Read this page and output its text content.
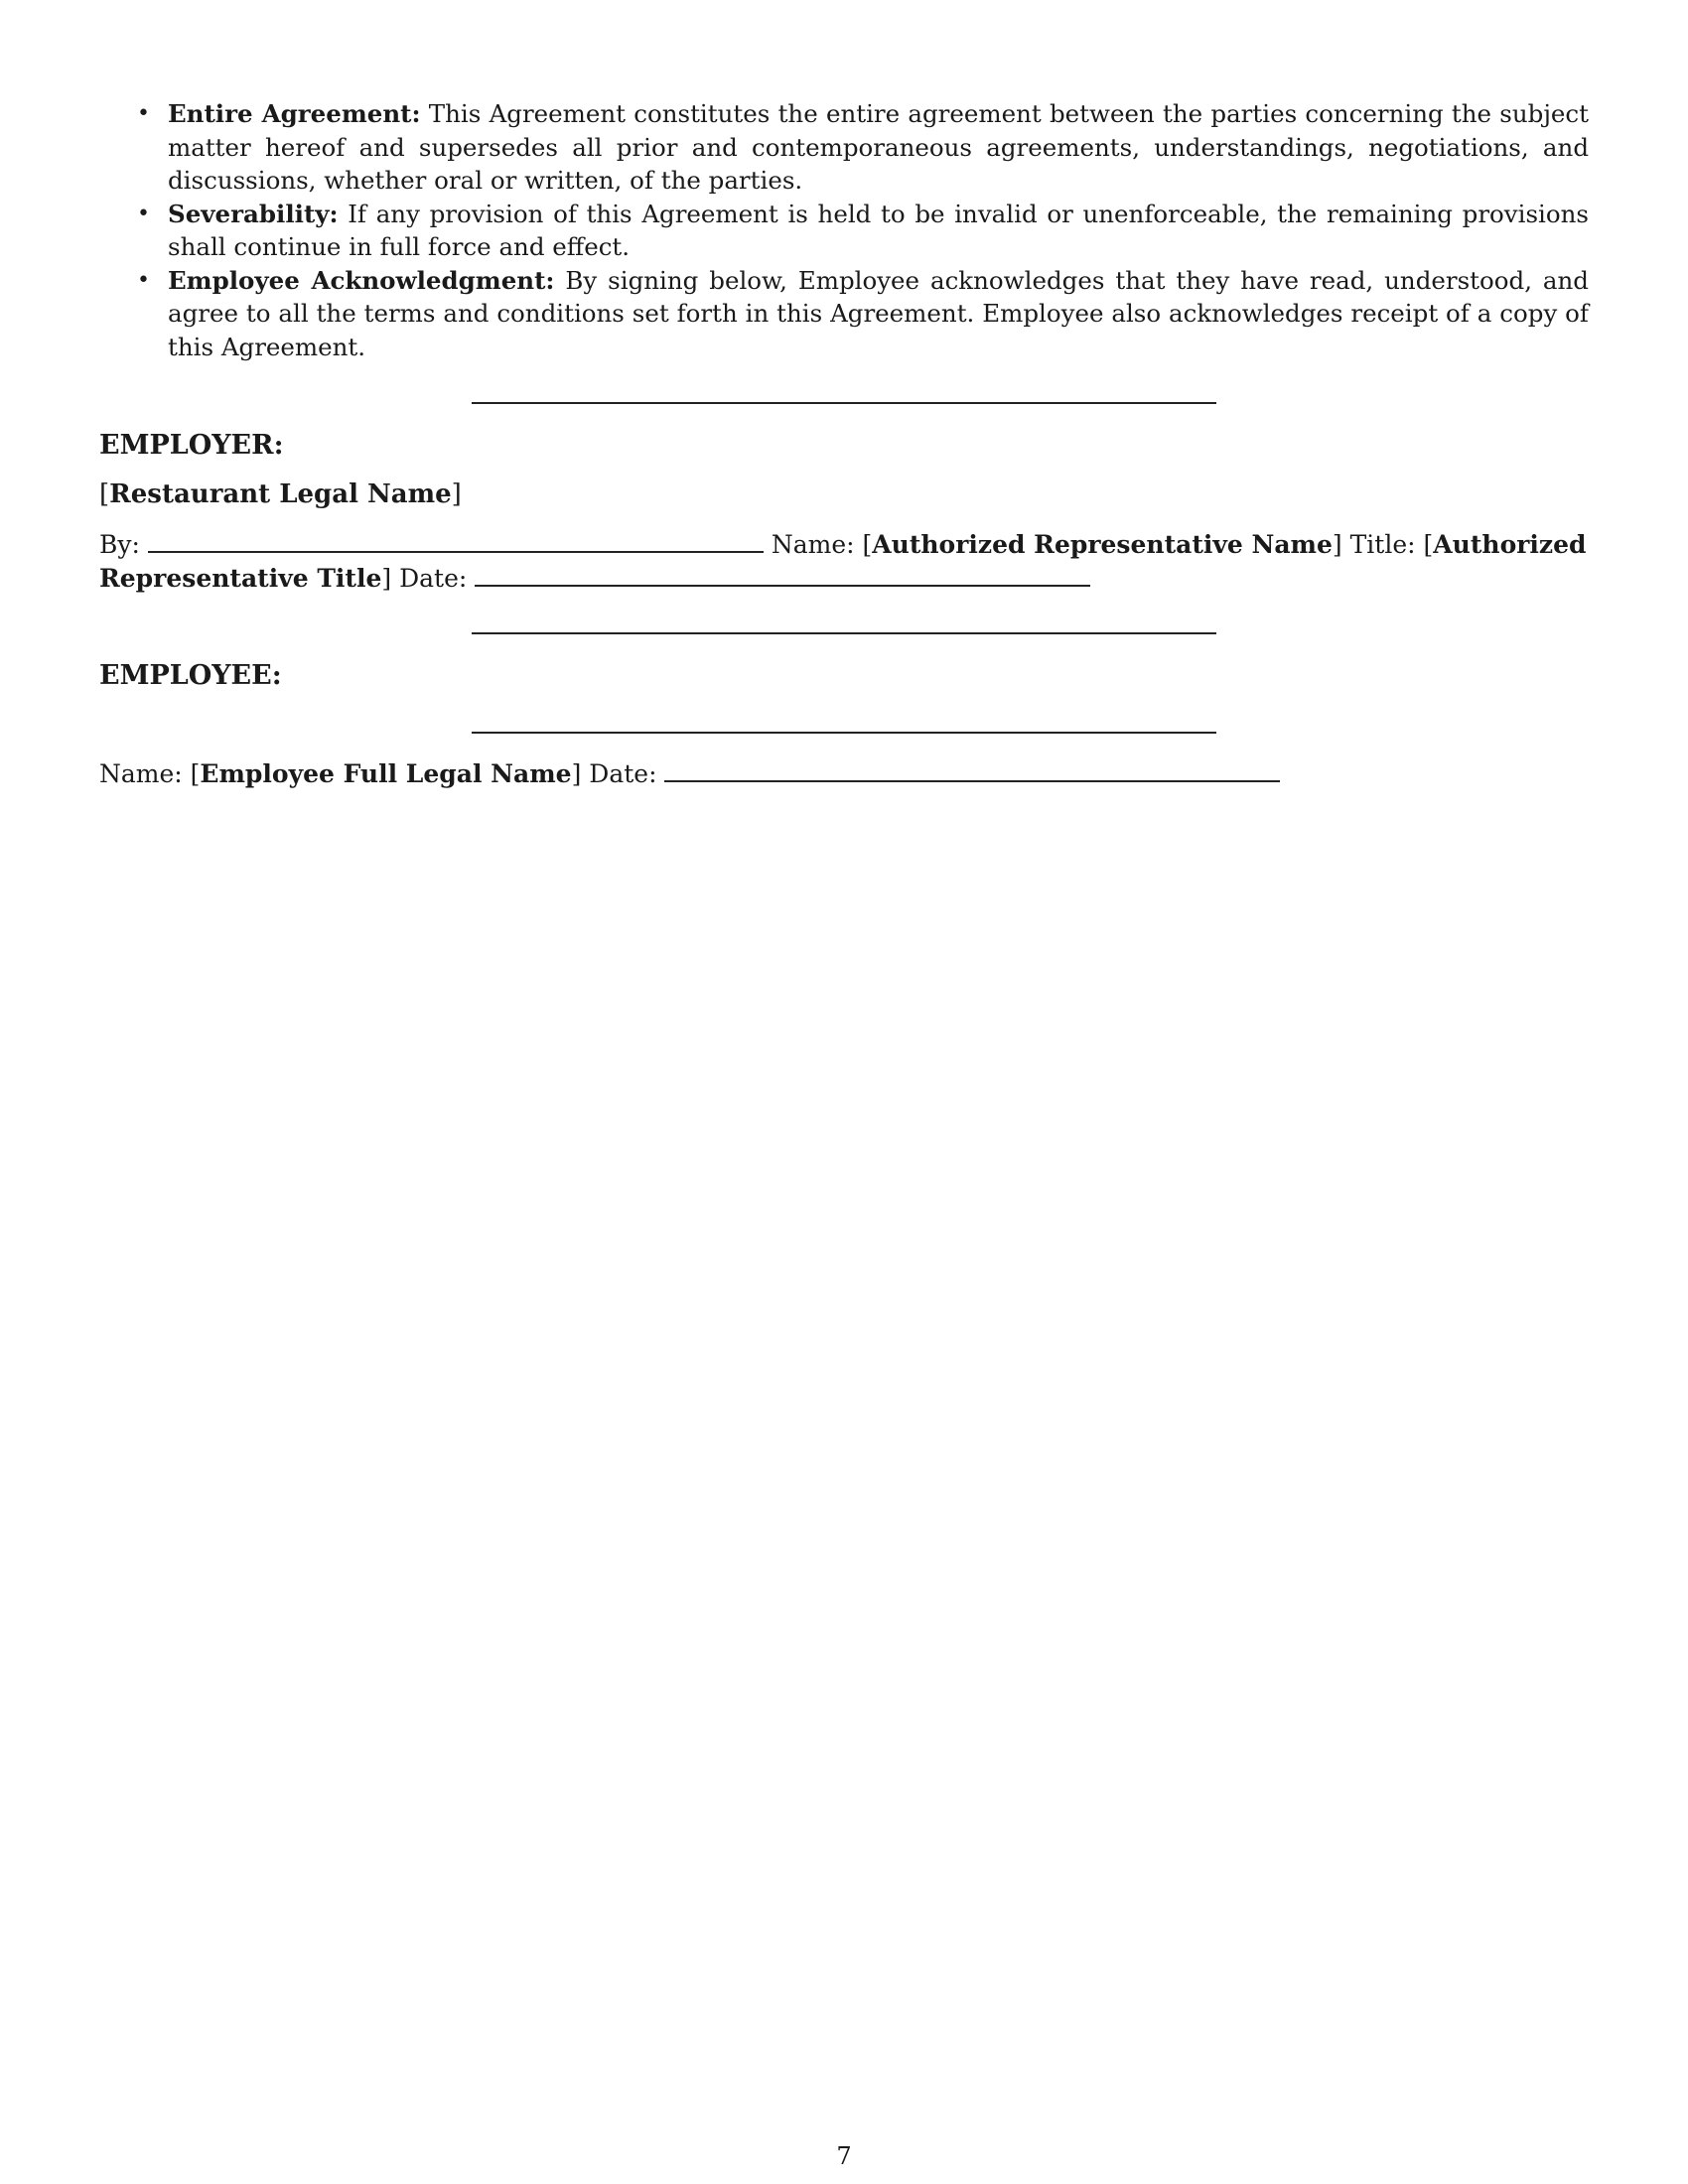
• Entire Agreement: This Agreement constitutes the entire agreement between the parties concerning the subject matter hereof and supersedes all prior and contemporaneous agreements, understandings, negotiations, and discussions, whether oral or written, of the parties.
• Severability: If any provision of this Agreement is held to be invalid or unenforceable, the remaining provisions shall continue in full force and effect.
• Employee Acknowledgment: By signing below, Employee acknowledges that they have read, understood, and agree to all the terms and conditions set forth in this Agreement. Employee also acknowledges receipt of a copy of this Agreement.
EMPLOYER:
[Restaurant Legal Name]
By:	Name: [Authorized Representative Name] Title: [Authorized Representative Title] Date:
EMPLOYEE:
Name: [Employee Full Legal Name] Date:
7
